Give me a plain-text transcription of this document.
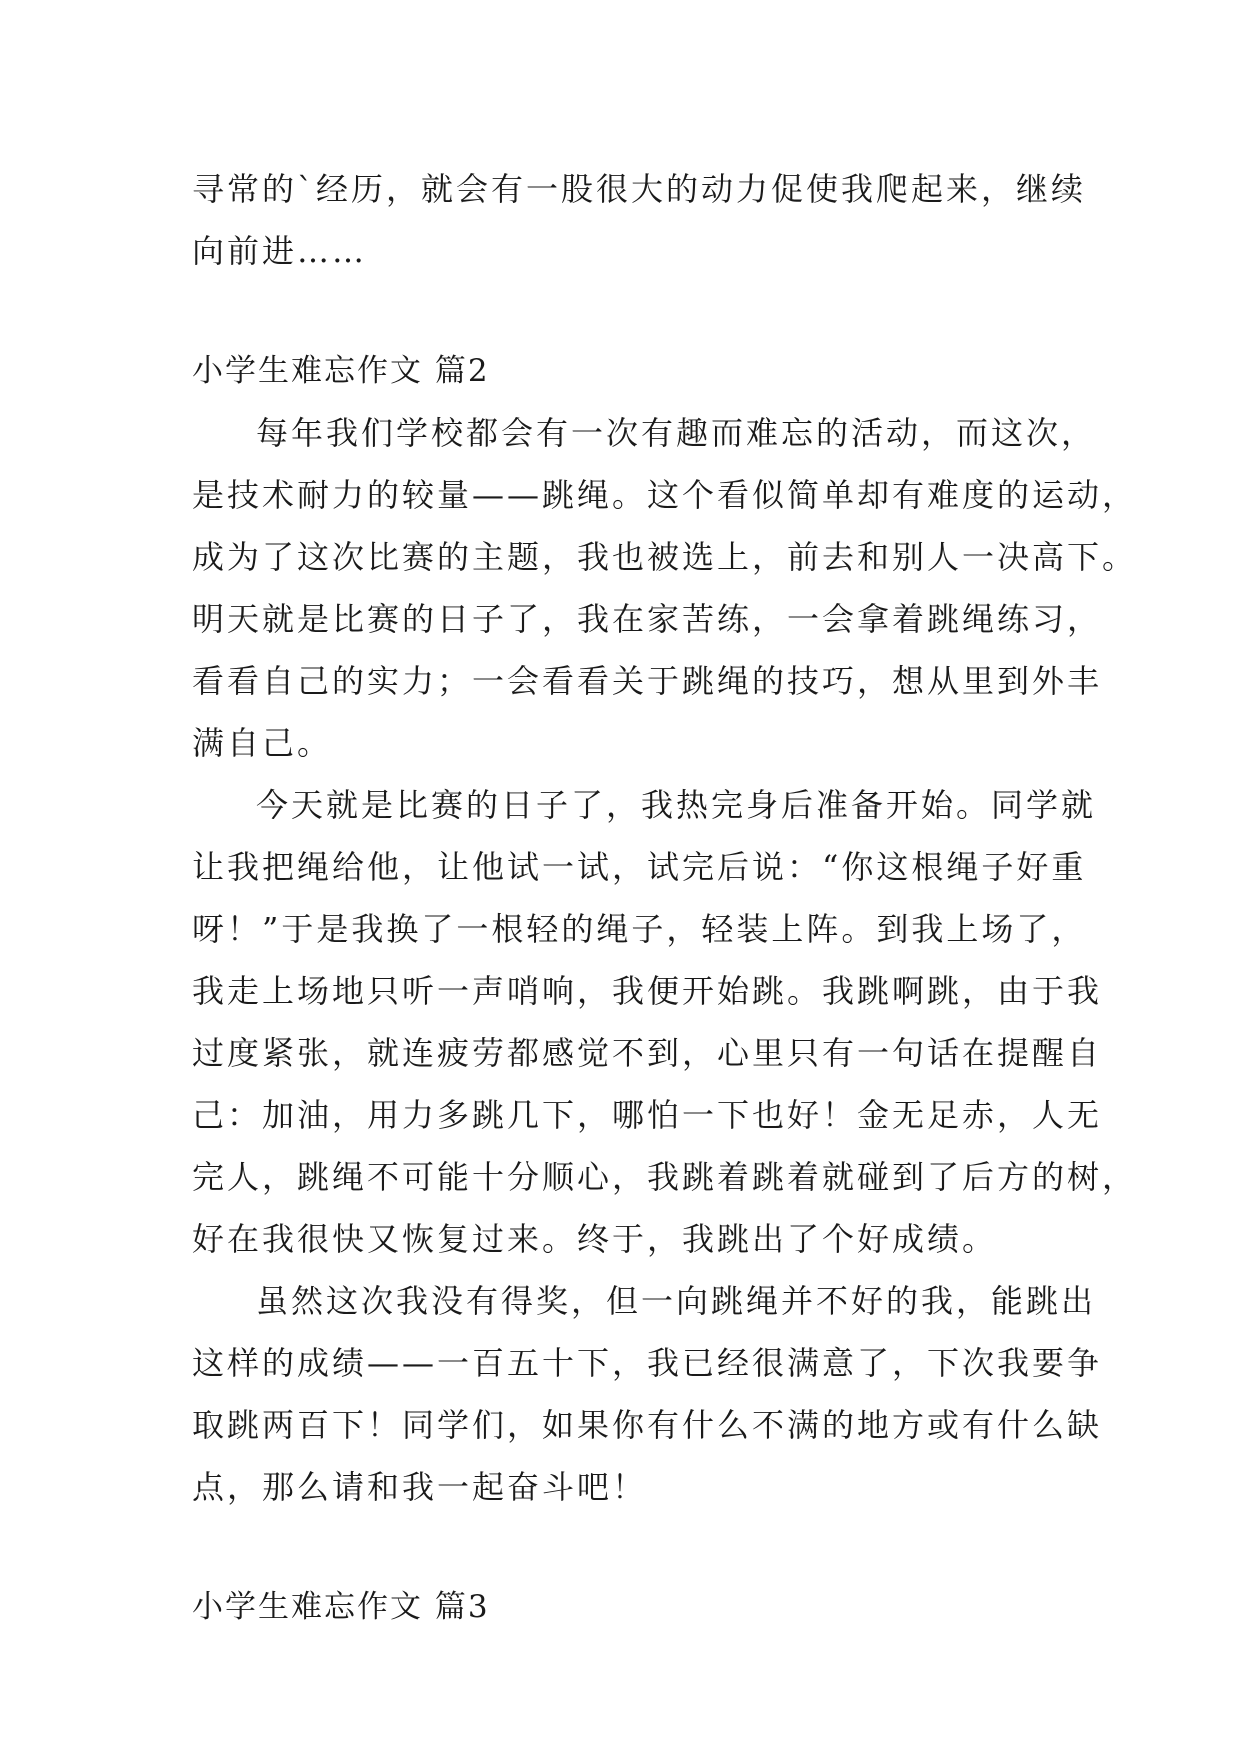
寻常的`经历，就会有一股很大的动力促使我爬起来，继续
向前进……
小学生难忘作文 篇2
每年我们学校都会有一次有趣而难忘的活动，而这次，
是技术耐力的较量——跳绳。这个看似简单却有难度的运动，
成为了这次比赛的主题，我也被选上，前去和别人一决高下。
明天就是比赛的日子了，我在家苦练，一会拿着跳绳练习，
看看自己的实力；一会看看关于跳绳的技巧，想从里到外丰
满自己。
今天就是比赛的日子了，我热完身后准备开始。同学就
让我把绳给他，让他试一试，试完后说：“你这根绳子好重
呀！”于是我换了一根轻的绳子，轻装上阵。到我上场了，
我走上场地只听一声哨响，我便开始跳。我跳啊跳，由于我
过度紧张，就连疲劳都感觉不到，心里只有一句话在提醒自
己：加油，用力多跳几下，哪怕一下也好！金无足赤，人无
完人，跳绳不可能十分顺心，我跳着跳着就碰到了后方的树，
好在我很快又恢复过来。终于，我跳出了个好成绩。
虽然这次我没有得奖，但一向跳绳并不好的我，能跳出
这样的成绩——一百五十下，我已经很满意了，下次我要争
取跳两百下！同学们，如果你有什么不满的地方或有什么缺
点，那么请和我一起奋斗吧！
小学生难忘作文 篇3
